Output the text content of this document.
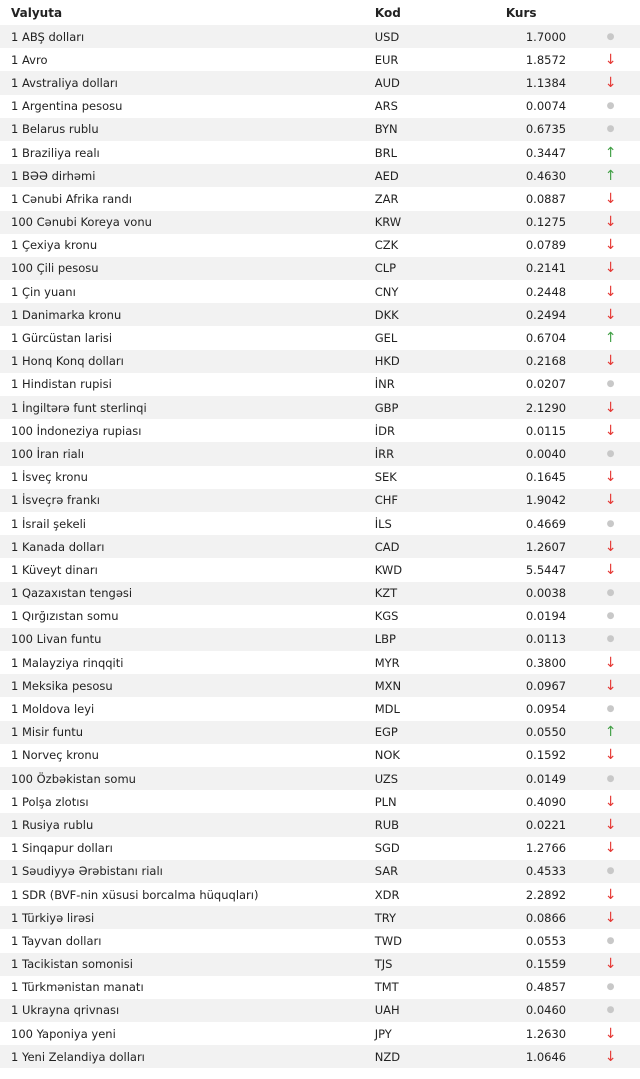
Valyuta	Kod	Kurs
1 ABŞ dolları	USD	1.7000	●
1 Avro	EUR	1.8572	↓
1 Avstraliya dolları	AUD	1.1384	↓
1 Argentina pesosu	ARS	0.0074	●
1 Belarus rublu	BYN	0.6735	●
1 Braziliya realı	BRL	0.3447	↑
1 BƏƏ dirhəmi	AED	0.4630	↑
1 Cənubi Afrika randı	ZAR	0.0887	↓
100 Cənubi Koreya vonu	KRW	0.1275	↓
1 Çexiya kronu	CZK	0.0789	↓
100 Çili pesosu	CLP	0.2141	↓
1 Çin yuanı	CNY	0.2448	↓
1 Danimarka kronu	DKK	0.2494	↓
1 Gürcüstan larisi	GEL	0.6704	↑
1 Honq Konq dolları	HKD	0.2168	↓
1 Hindistan rupisi	İNR	0.0207	●
1 İngiltərə funt sterlinqi	GBP	2.1290	↓
100 İndoneziya rupiası	İDR	0.0115	↓
100 İran rialı	İRR	0.0040	●
1 İsveç kronu	SEK	0.1645	↓
1 İsveçrə frankı	CHF	1.9042	↓
1 İsrail şekeli	İLS	0.4669	●
1 Kanada dolları	CAD	1.2607	↓
1 Küveyt dinarı	KWD	5.5447	↓
1 Qazaxıstan tengəsi	KZT	0.0038	●
1 Qırğızıstan somu	KGS	0.0194	●
100 Livan funtu	LBP	0.0113	●
1 Malayziya rinqqiti	MYR	0.3800	↓
1 Meksika pesosu	MXN	0.0967	↓
1 Moldova leyi	MDL	0.0954	●
1 Misir funtu	EGP	0.0550	↑
1 Norveç kronu	NOK	0.1592	↓
100 Özbəkistan somu	UZS	0.0149	●
1 Polşa zlotısı	PLN	0.4090	↓
1 Rusiya rublu	RUB	0.0221	↓
1 Sinqapur dolları	SGD	1.2766	↓
1 Səudiyyə Ərəbistanı rialı	SAR	0.4533	●
1 SDR (BVF-nin xüsusi borcalma hüquqları)	XDR	2.2892	↓
1 Türkiyə lirəsi	TRY	0.0866	↓
1 Tayvan dolları	TWD	0.0553	●
1 Tacikistan somonisi	TJS	0.1559	↓
1 Türkmənistan manatı	TMT	0.4857	●
1 Ukrayna qrivnası	UAH	0.0460	●
100 Yaponiya yeni	JPY	1.2630	↓
1 Yeni Zelandiya dolları	NZD	1.0646	↓
